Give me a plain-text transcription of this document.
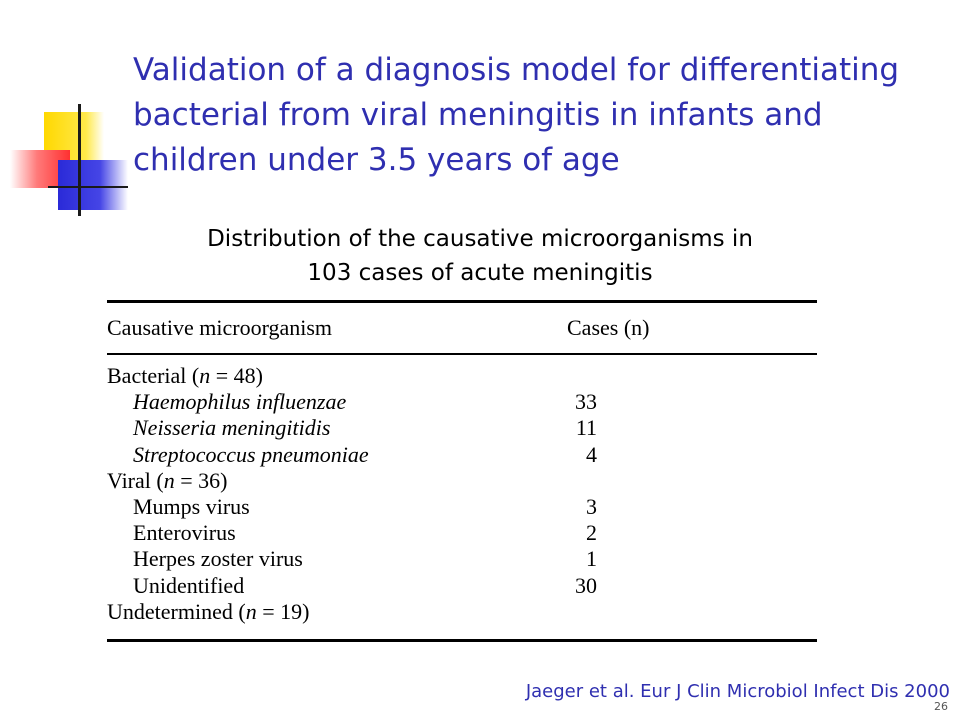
Validation of a diagnosis model for differentiating bacterial from viral meningitis in infants and children under 3.5 years of age
Distribution of the causative microorganisms in
103 cases of acute meningitis
Causative microorganism	Cases (n)
Bacterial (n = 48)
Haemophilus influenzae	33
Neisseria meningitidis	11
Streptococcus pneumoniae	4
Viral (n = 36)
Mumps virus	3
Enterovirus	2
Herpes zoster virus	1
Unidentified	30
Undetermined (n = 19)
Jaeger et al. Eur J Clin Microbiol Infect Dis 2000
26
